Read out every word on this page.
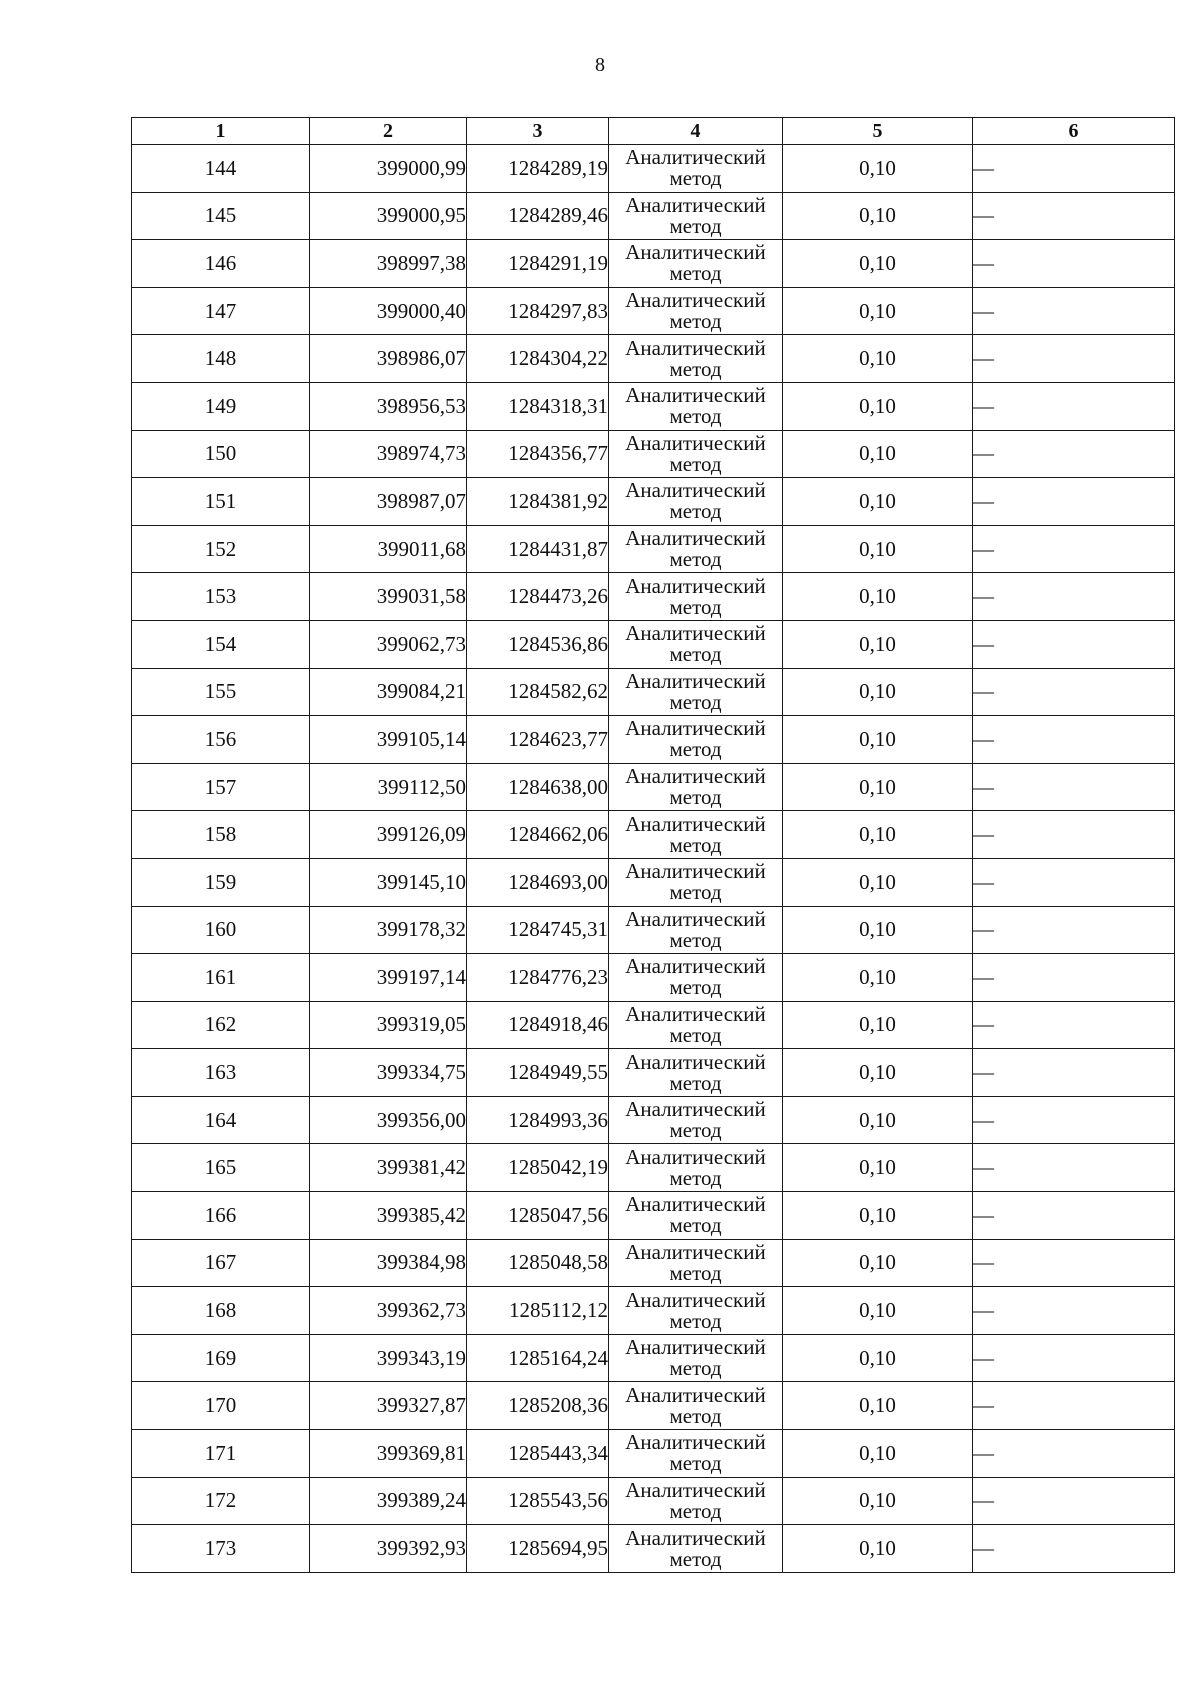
8
1	2	3	4	5	6
144	399000,99	1284289,19	Аналитический
метод	0,10	—
145	399000,95	1284289,46	Аналитический
метод	0,10	—
146	398997,38	1284291,19	Аналитический
метод	0,10	—
147	399000,40	1284297,83	Аналитический
метод	0,10	—
148	398986,07	1284304,22	Аналитический
метод	0,10	—
149	398956,53	1284318,31	Аналитический
метод	0,10	—
150	398974,73	1284356,77	Аналитический
метод	0,10	—
151	398987,07	1284381,92	Аналитический
метод	0,10	—
152	399011,68	1284431,87	Аналитический
метод	0,10	—
153	399031,58	1284473,26	Аналитический
метод	0,10	—
154	399062,73	1284536,86	Аналитический
метод	0,10	—
155	399084,21	1284582,62	Аналитический
метод	0,10	—
156	399105,14	1284623,77	Аналитический
метод	0,10	—
157	399112,50	1284638,00	Аналитический
метод	0,10	—
158	399126,09	1284662,06	Аналитический
метод	0,10	—
159	399145,10	1284693,00	Аналитический
метод	0,10	—
160	399178,32	1284745,31	Аналитический
метод	0,10	—
161	399197,14	1284776,23	Аналитический
метод	0,10	—
162	399319,05	1284918,46	Аналитический
метод	0,10	—
163	399334,75	1284949,55	Аналитический
метод	0,10	—
164	399356,00	1284993,36	Аналитический
метод	0,10	—
165	399381,42	1285042,19	Аналитический
метод	0,10	—
166	399385,42	1285047,56	Аналитический
метод	0,10	—
167	399384,98	1285048,58	Аналитический
метод	0,10	—
168	399362,73	1285112,12	Аналитический
метод	0,10	—
169	399343,19	1285164,24	Аналитический
метод	0,10	—
170	399327,87	1285208,36	Аналитический
метод	0,10	—
171	399369,81	1285443,34	Аналитический
метод	0,10	—
172	399389,24	1285543,56	Аналитический
метод	0,10	—
173	399392,93	1285694,95	Аналитический
метод	0,10	—
